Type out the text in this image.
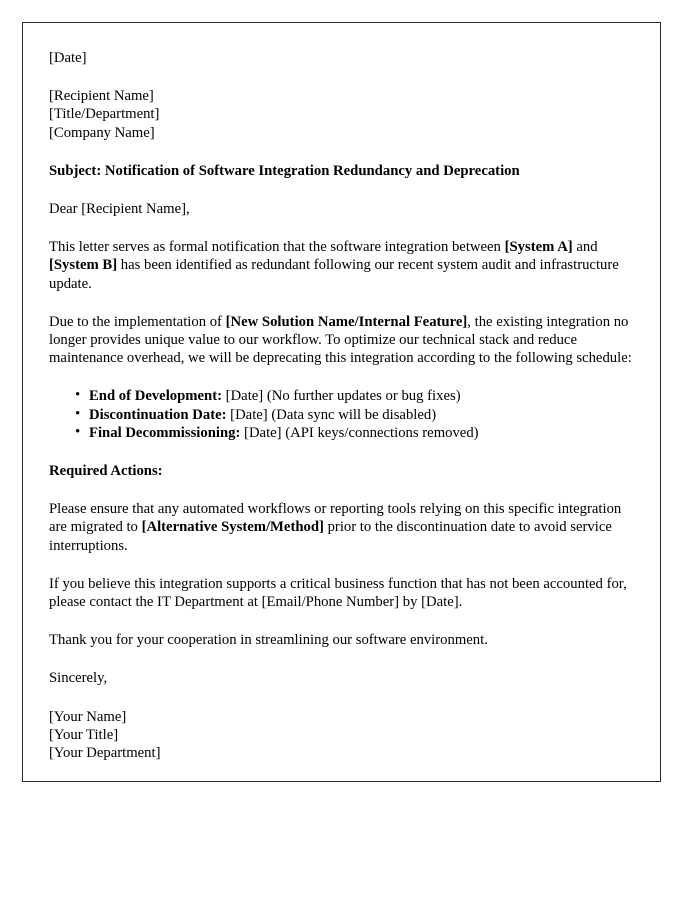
[Date]
[Recipient Name]
[Title/Department]
[Company Name]
Subject: Notification of Software Integration Redundancy and Deprecation
Dear [Recipient Name],

This letter serves as formal notification that the software integration between [System A] and [System B] has been identified as redundant following our recent system audit and infrastructure update.

Due to the implementation of [New Solution Name/Internal Feature], the existing integration no longer provides unique value to our workflow. To optimize our technical stack and reduce maintenance overhead, we will be deprecating this integration according to the following schedule:

• End of Development: [Date] (No further updates or bug fixes)
• Discontinuation Date: [Date] (Data sync will be disabled)
• Final Decommissioning: [Date] (API keys/connections removed)
Required Actions:

Please ensure that any automated workflows or reporting tools relying on this specific integration are migrated to [Alternative System/Method] prior to the discontinuation date to avoid service interruptions.

If you believe this integration supports a critical business function that has not been accounted for, please contact the IT Department at [Email/Phone Number] by [Date].

Thank you for your cooperation in streamlining our software environment.

Sincerely,
[Your Name]
[Your Title]
[Your Department]
